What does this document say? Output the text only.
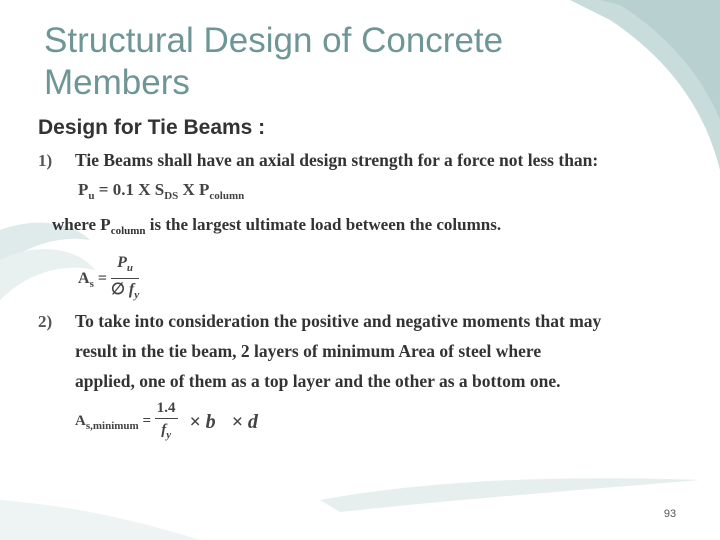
Structural Design of Concrete Members
Design for Tie Beams :
1) Tie Beams shall have an axial design strength for a force not less than:
$P_u = 0.1$ X $S_{DS}$ X $P_{column}$
where $P_{column}$ is the largest ultimate load between the columns.
$A_s = \frac{P_u}{\emptyset f_y}$
2) To take into consideration the positive and negative moments that may
result in the tie beam, 2 layers of minimum Area of steel where
applied, one of them as a top layer and the other as a bottom one.
$A_{s,minimum} = \frac{1.4}{f_y} \times b \times d$
93
